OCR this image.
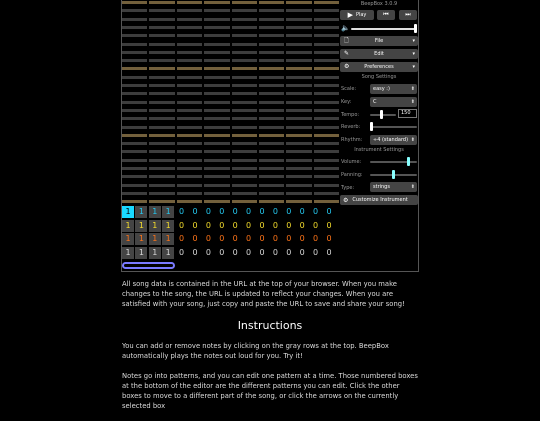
1	1	1	1	0	0	0	0	0	0	0	0	0	0	0	0
1	1	1	1	0	0	0	0	0	0	0	0	0	0	0	0
1	1	1	1	0	0	0	0	0	0	0	0	0	0	0	0
1	1	1	1	0	0	0	0	0	0	0	0	0	0	0	0
BeepBox 3.0.9
▶ Play	⏮	⏭
🔈
🗋	File	▾
✎	Edit	▾
⚙	Preferences	▾
Song Settings
Scale:	easy :)	⬍
Key:	C	⬍
Tempo:	150
Reverb:
Rhythm:	÷4 (standard) ⬍
Instrument Settings
Volume:
Panning:
Type:	strings	⬍
⚙ Customize Instrument

All song data is contained in the URL at the top of your browser. When you make changes to the song, the URL is updated to reflect your changes. When you are satisfied with your song, just copy and paste the URL to save and share your song!

Instructions

You can add or remove notes by clicking on the gray rows at the top. BeepBox automatically plays the notes out loud for you. Try it!

Notes go into patterns, and you can edit one pattern at a time. Those numbered boxes at the bottom of the editor are the different patterns you can edit. Click the other boxes to move to a different part of the song, or click the arrows on the currently selected box
